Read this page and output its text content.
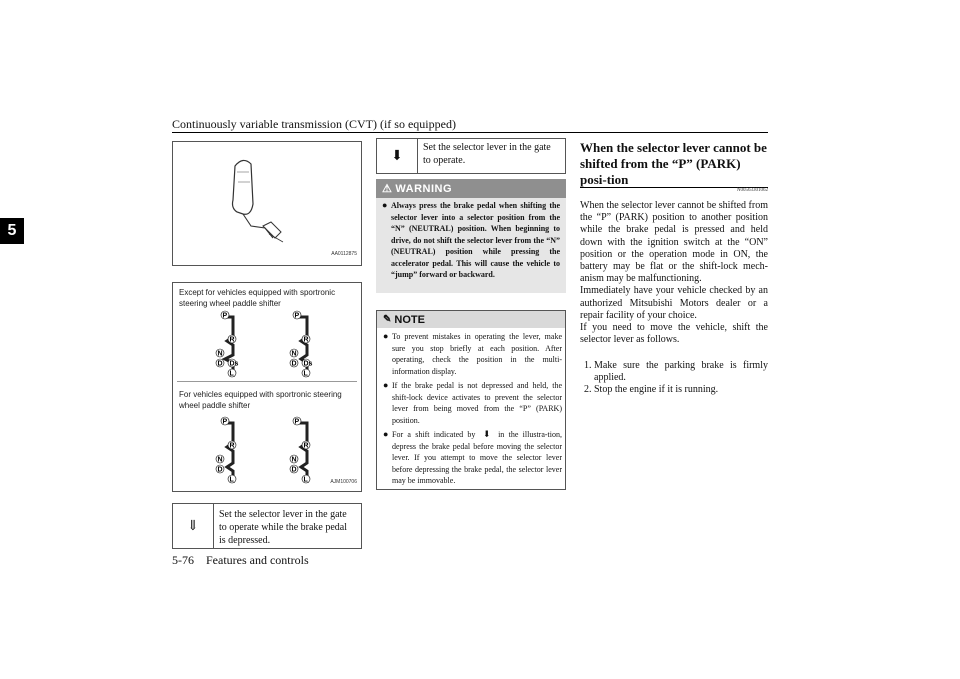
Continuously variable transmission (CVT) (if so equipped)
5
AA0112875
Except for vehicles equipped with sportronic steering wheel paddle shifter
For vehicles equipped with sportronic steering wheel paddle shifter
P
R
N
D Ds
L
P
R
N
D Ds
L
P
R
N
D
L
P
R
N
D
L	AJM100706
⇓
Set the selector lever in the gate to operate while the brake pedal is depressed.
⬇
Set the selector lever in the gate to operate.
⚠ WARNING
● Always press the brake pedal when shifting the selector lever into a selector position from the “N” (NEUTRAL) position. When beginning to drive, do not shift the selector lever from the “N” (NEUTRAL) position while pressing the accelerator pedal. This will cause the vehicle to “jump” forward or backward.
✎ NOTE
● To prevent mistakes in operating the lever, make sure you stop briefly at each position. After operating, check the position in the multi-information display.
● If the brake pedal is not depressed and held, the shift-lock device activates to prevent the selector lever from being moved from the “P” (PARK) position.
● For a shift indicated by ⬇ in the illustra-tion, depress the brake pedal before moving the selector lever. If you attempt to move the selector lever before depressing the brake pedal, the selector lever may be immovable.
When the selector lever cannot be shifted from the “P” (PARK) posi-tion
N00563301062

When the selector lever cannot be shifted from the “P” (PARK) position to another position while the brake pedal is pressed and held down with the ignition switch at the “ON” position or the operation mode in ON, the battery may be flat or the shift-lock mech-anism may be malfunctioning.

Immediately have your vehicle checked by an authorized Mitsubishi Motors dealer or a repair facility of your choice.

If you need to move the vehicle, shift the selector lever as follows.

1. Make sure the parking brake is firmly applied.
2. Stop the engine if it is running.
5-76    Features and controls
